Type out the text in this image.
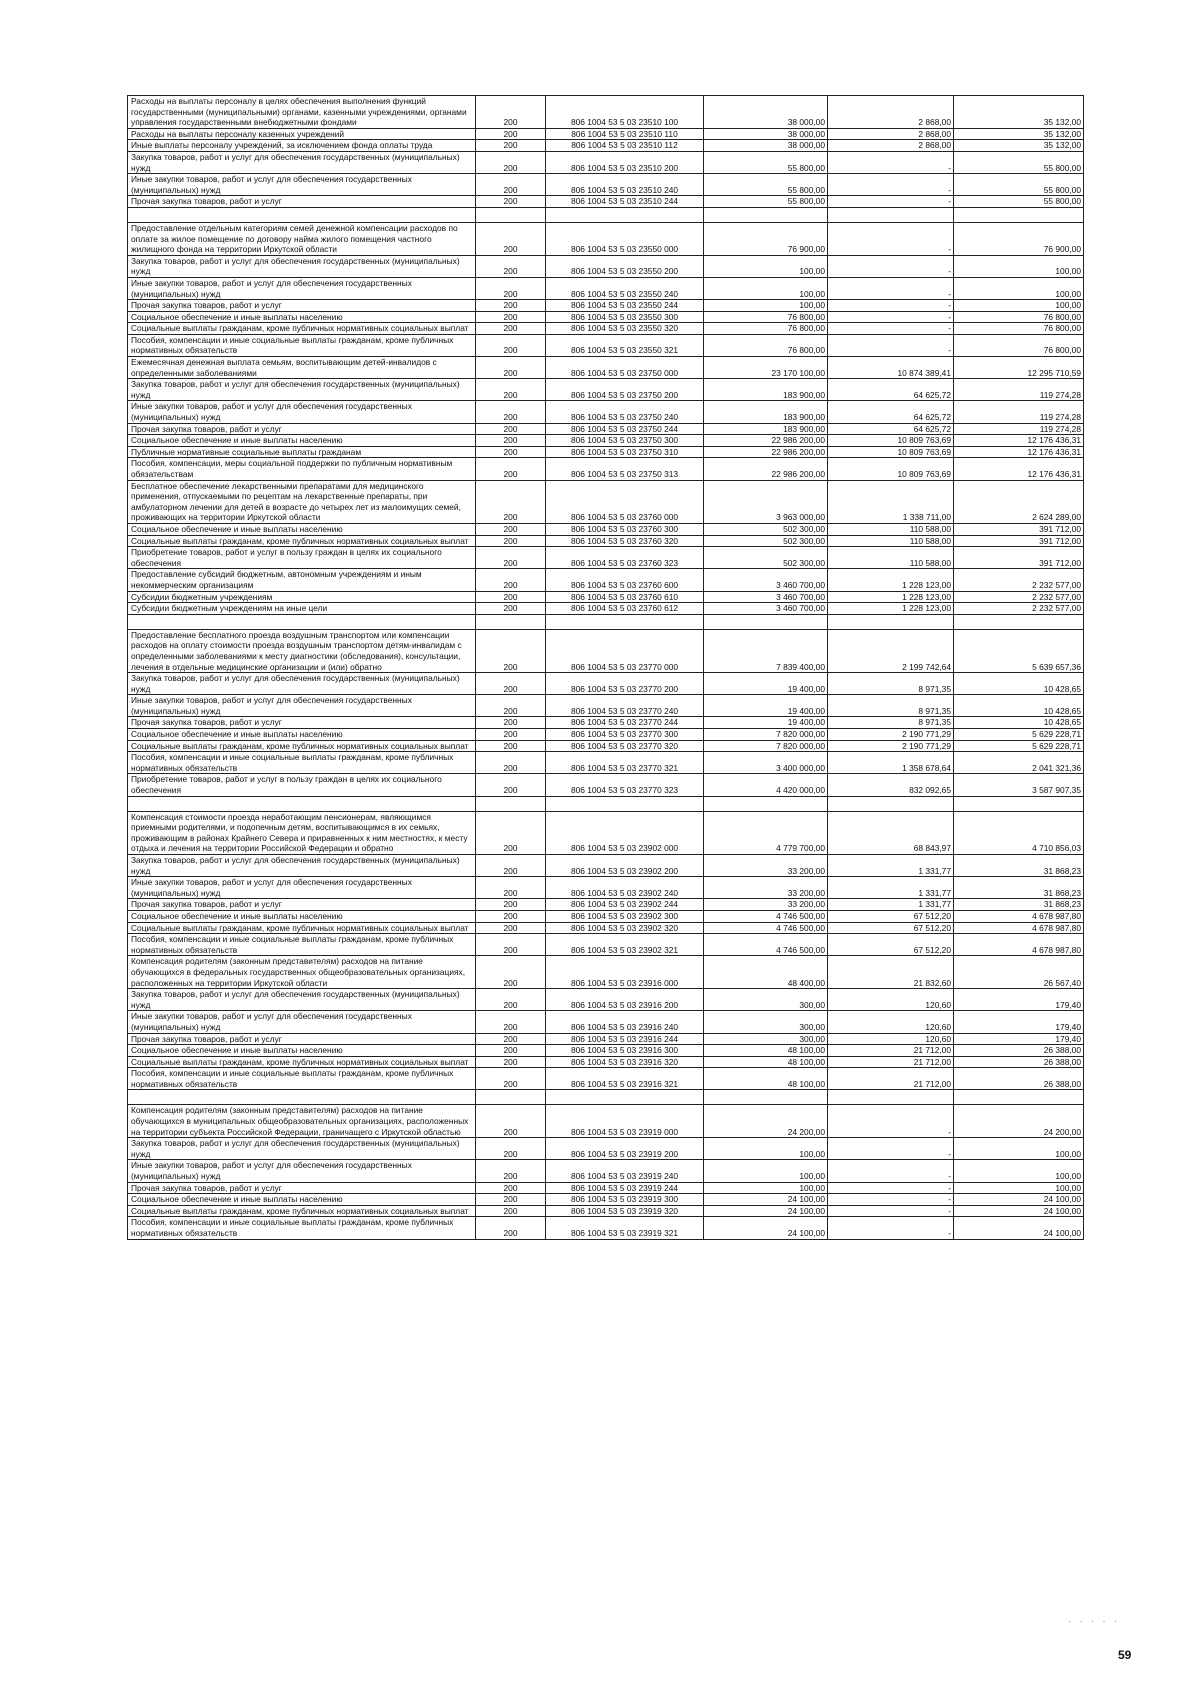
Расходы на выплаты персоналу в целях обеспечения выполнения функций государственными (муниципальными) органами, казенными учреждениями, органами управления государственными внебюджетными фондами	200	806 1004 53 5 03 23510 100	38 000,00	2 868,00	35 132,00
Расходы на выплаты персоналу казенных учреждений	200	806 1004 53 5 03 23510 110	38 000,00	2 868,00	35 132,00
Иные выплаты персоналу учреждений, за исключением фонда оплаты труда	200	806 1004 53 5 03 23510 112	38 000,00	2 868,00	35 132,00
Закупка товаров, работ и услуг для обеспечения государственных (муниципальных) нужд	200	806 1004 53 5 03 23510 200	55 800,00	-	55 800,00
Иные закупки товаров, работ и услуг для обеспечения государственных (муниципальных) нужд	200	806 1004 53 5 03 23510 240	55 800,00	-	55 800,00
Прочая закупка товаров, работ и услуг	200	806 1004 53 5 03 23510 244	55 800,00	-	55 800,00

Предоставление отдельным категориям семей денежной компенсации расходов по оплате за жилое помещение по договору найма жилого помещения частного жилищного фонда на территории Иркутской области	200	806 1004 53 5 03 23550 000	76 900,00	-	76 900,00
Закупка товаров, работ и услуг для обеспечения государственных (муниципальных) нужд	200	806 1004 53 5 03 23550 200	100,00	-	100,00
Иные закупки товаров, работ и услуг для обеспечения государственных (муниципальных) нужд	200	806 1004 53 5 03 23550 240	100,00	-	100,00
Прочая закупка товаров, работ и услуг	200	806 1004 53 5 03 23550 244	100,00	-	100,00
Социальное обеспечение и иные выплаты населению	200	806 1004 53 5 03 23550 300	76 800,00	-	76 800,00
Социальные выплаты гражданам, кроме публичных нормативных социальных выплат	200	806 1004 53 5 03 23550 320	76 800,00	-	76 800,00
Пособия, компенсации и иные социальные выплаты гражданам, кроме публичных нормативных обязательств	200	806 1004 53 5 03 23550 321	76 800,00	-	76 800,00
Ежемесячная денежная выплата семьям, воспитывающим детей-инвалидов с определенными заболеваниями	200	806 1004 53 5 03 23750 000	23 170 100,00	10 874 389,41	12 295 710,59
Закупка товаров, работ и услуг для обеспечения государственных (муниципальных) нужд	200	806 1004 53 5 03 23750 200	183 900,00	64 625,72	119 274,28
Иные закупки товаров, работ и услуг для обеспечения государственных (муниципальных) нужд	200	806 1004 53 5 03 23750 240	183 900,00	64 625,72	119 274,28
Прочая закупка товаров, работ и услуг	200	806 1004 53 5 03 23750 244	183 900,00	64 625,72	119 274,28
Социальное обеспечение и иные выплаты населению	200	806 1004 53 5 03 23750 300	22 986 200,00	10 809 763,69	12 176 436,31
Публичные нормативные социальные выплаты гражданам	200	806 1004 53 5 03 23750 310	22 986 200,00	10 809 763,69	12 176 436,31
Пособия, компенсации, меры социальной поддержки по публичным нормативным обязательствам	200	806 1004 53 5 03 23750 313	22 986 200,00	10 809 763,69	12 176 436,31
Бесплатное обеспечение лекарственными препаратами для медицинского применения, отпускаемыми по рецептам на лекарственные препараты, при амбулаторном лечении для детей в возрасте до четырех лет из малоимущих семей, проживающих на территории Иркутской области	200	806 1004 53 5 03 23760 000	3 963 000,00	1 338 711,00	2 624 289,00
Социальное обеспечение и иные выплаты населению	200	806 1004 53 5 03 23760 300	502 300,00	110 588,00	391 712,00
Социальные выплаты гражданам, кроме публичных нормативных социальных выплат	200	806 1004 53 5 03 23760 320	502 300,00	110 588,00	391 712,00
Приобретение товаров, работ и услуг в пользу граждан в целях их социального обеспечения	200	806 1004 53 5 03 23760 323	502 300,00	110 588,00	391 712,00
Предоставление субсидий бюджетным, автономным учреждениям и иным некоммерческим организациям	200	806 1004 53 5 03 23760 600	3 460 700,00	1 228 123,00	2 232 577,00
Субсидии бюджетным учреждениям	200	806 1004 53 5 03 23760 610	3 460 700,00	1 228 123,00	2 232 577,00
Субсидии бюджетным учреждениям на иные цели	200	806 1004 53 5 03 23760 612	3 460 700,00	1 228 123,00	2 232 577,00

Предоставление бесплатного проезда воздушным транспортом или компенсации расходов на оплату стоимости проезда воздушным транспортом детям-инвалидам с определенными заболеваниями к месту диагностики (обследования), консультации, лечения в отдельные медицинские организации и (или) обратно	200	806 1004 53 5 03 23770 000	7 839 400,00	2 199 742,64	5 639 657,36
Закупка товаров, работ и услуг для обеспечения государственных (муниципальных) нужд	200	806 1004 53 5 03 23770 200	19 400,00	8 971,35	10 428,65
Иные закупки товаров, работ и услуг для обеспечения государственных (муниципальных) нужд	200	806 1004 53 5 03 23770 240	19 400,00	8 971,35	10 428,65
Прочая закупка товаров, работ и услуг	200	806 1004 53 5 03 23770 244	19 400,00	8 971,35	10 428,65
Социальное обеспечение и иные выплаты населению	200	806 1004 53 5 03 23770 300	7 820 000,00	2 190 771,29	5 629 228,71
Социальные выплаты гражданам, кроме публичных нормативных социальных выплат	200	806 1004 53 5 03 23770 320	7 820 000,00	2 190 771,29	5 629 228,71
Пособия, компенсации и иные социальные выплаты гражданам, кроме публичных нормативных обязательств	200	806 1004 53 5 03 23770 321	3 400 000,00	1 358 678,64	2 041 321,36
Приобретение товаров, работ и услуг в пользу граждан в целях их социального обеспечения	200	806 1004 53 5 03 23770 323	4 420 000,00	832 092,65	3 587 907,35

Компенсация стоимости проезда неработающим пенсионерам, являющимся приемными родителями, и подопечным детям, воспитывающимся в их семьях, проживающим в районах Крайнего Севера и приравненных к ним местностях, к месту отдыха и лечения на территории Российской Федерации и обратно	200	806 1004 53 5 03 23902 000	4 779 700,00	68 843,97	4 710 856,03
Закупка товаров, работ и услуг для обеспечения государственных (муниципальных) нужд	200	806 1004 53 5 03 23902 200	33 200,00	1 331,77	31 868,23
Иные закупки товаров, работ и услуг для обеспечения государственных (муниципальных) нужд	200	806 1004 53 5 03 23902 240	33 200,00	1 331,77	31 868,23
Прочая закупка товаров, работ и услуг	200	806 1004 53 5 03 23902 244	33 200,00	1 331,77	31 868,23
Социальное обеспечение и иные выплаты населению	200	806 1004 53 5 03 23902 300	4 746 500,00	67 512,20	4 678 987,80
Социальные выплаты гражданам, кроме публичных нормативных социальных выплат	200	806 1004 53 5 03 23902 320	4 746 500,00	67 512,20	4 678 987,80
Пособия, компенсации и иные социальные выплаты гражданам, кроме публичных нормативных обязательств	200	806 1004 53 5 03 23902 321	4 746 500,00	67 512,20	4 678 987,80
Компенсация родителям (законным представителям) расходов на питание обучающихся в федеральных государственных общеобразовательных организациях, расположенных на территории Иркутской области	200	806 1004 53 5 03 23916 000	48 400,00	21 832,60	26 567,40
Закупка товаров, работ и услуг для обеспечения государственных (муниципальных) нужд	200	806 1004 53 5 03 23916 200	300,00	120,60	179,40
Иные закупки товаров, работ и услуг для обеспечения государственных (муниципальных) нужд	200	806 1004 53 5 03 23916 240	300,00	120,60	179,40
Прочая закупка товаров, работ и услуг	200	806 1004 53 5 03 23916 244	300,00	120,60	179,40
Социальное обеспечение и иные выплаты населению	200	806 1004 53 5 03 23916 300	48 100,00	21 712,00	26 388,00
Социальные выплаты гражданам, кроме публичных нормативных социальных выплат	200	806 1004 53 5 03 23916 320	48 100,00	21 712,00	26 388,00
Пособия, компенсации и иные социальные выплаты гражданам, кроме публичных нормативных обязательств	200	806 1004 53 5 03 23916 321	48 100,00	21 712,00	26 388,00

Компенсация родителям (законным представителям) расходов на питание обучающихся в муниципальных общеобразовательных организациях, расположенных на территории субъекта Российской Федерации, граничащего с Иркутской областью	200	806 1004 53 5 03 23919 000	24 200,00	-	24 200,00
Закупка товаров, работ и услуг для обеспечения государственных (муниципальных) нужд	200	806 1004 53 5 03 23919 200	100,00	-	100,00
Иные закупки товаров, работ и услуг для обеспечения государственных (муниципальных) нужд	200	806 1004 53 5 03 23919 240	100,00	-	100,00
Прочая закупка товаров, работ и услуг	200	806 1004 53 5 03 23919 244	100,00	-	100,00
Социальное обеспечение и иные выплаты населению	200	806 1004 53 5 03 23919 300	24 100,00	-	24 100,00
Социальные выплаты гражданам, кроме публичных нормативных социальных выплат	200	806 1004 53 5 03 23919 320	24 100,00	-	24 100,00
Пособия, компенсации и иные социальные выплаты гражданам, кроме публичных нормативных обязательств	200	806 1004 53 5 03 23919 321	24 100,00	-	24 100,00
· · · · ·
59
